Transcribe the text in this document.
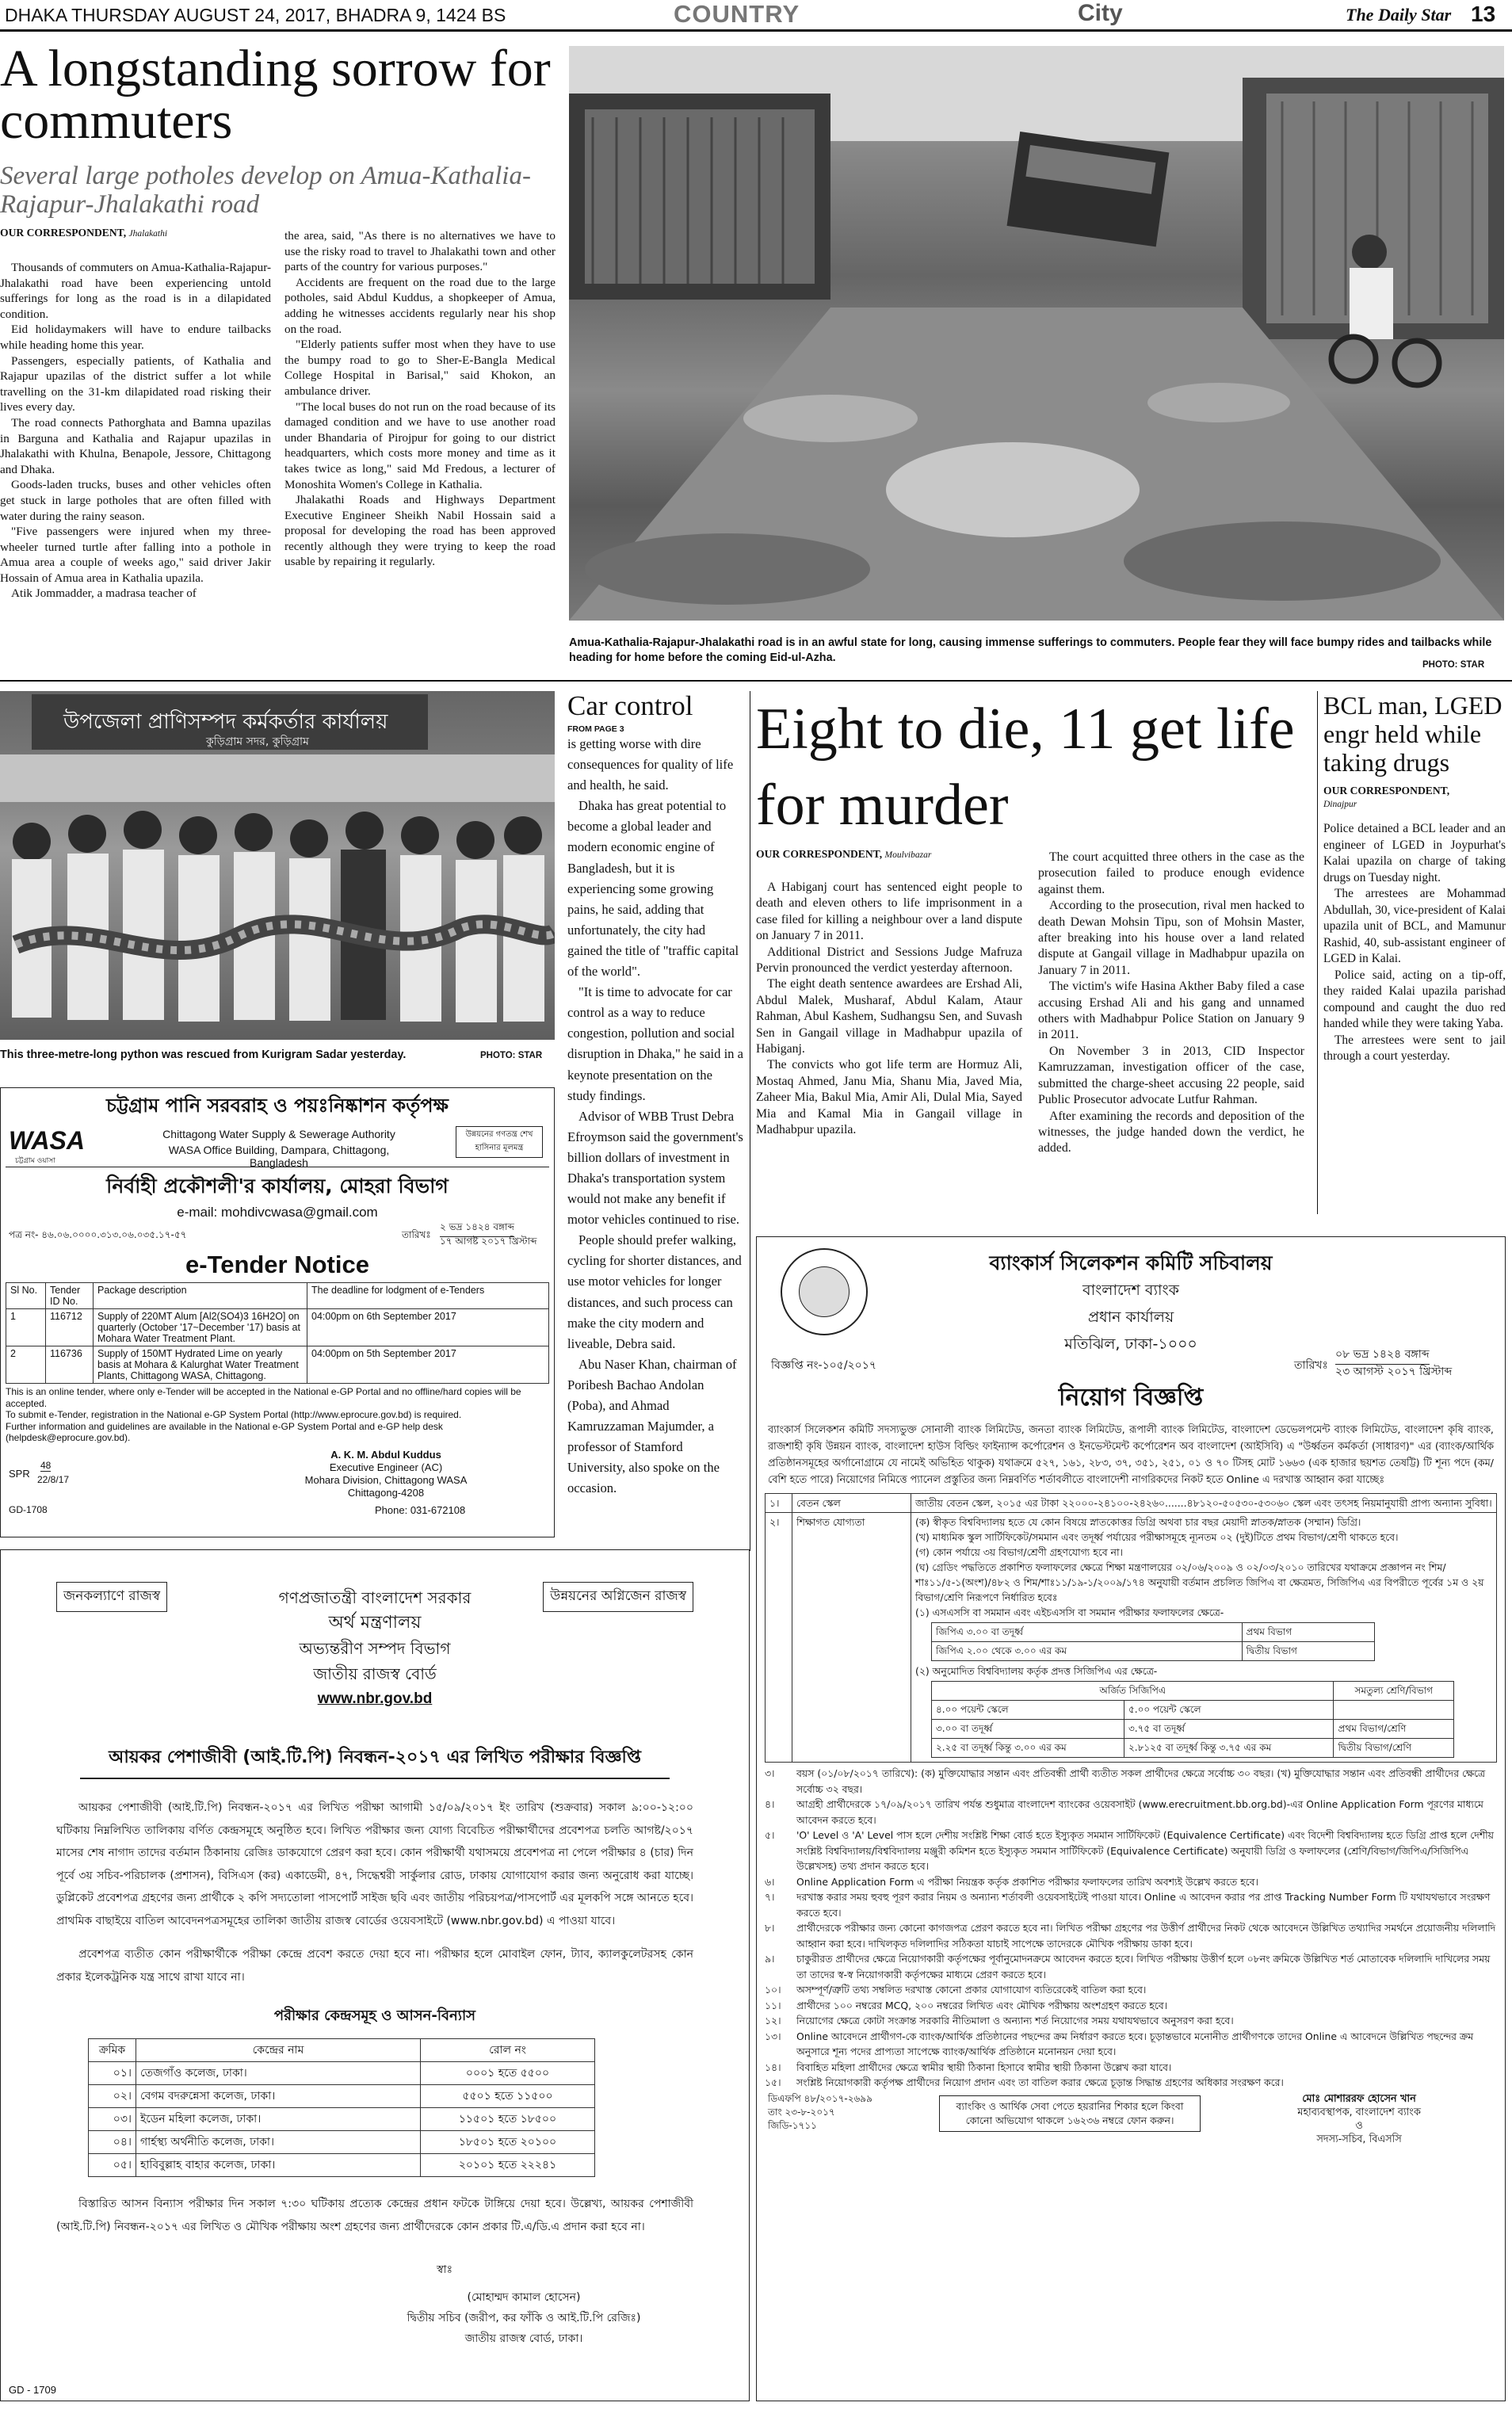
DHAKA THURSDAY AUGUST 24, 2017, BHADRA 9, 1424 BS	COUNTRY	City	The Daily Star 13
A longstanding sorrow for commuters
Several large potholes develop on Amua-Kathalia-Rajapur-Jhalakathi road
OUR CORRESPONDENT, Jhalakathi

Thousands of commuters on Amua-Kathalia-Rajapur-Jhalakathi road have been experiencing untold sufferings for long as the road is in a dilapidated condition.

Eid holidaymakers will have to endure tailbacks while heading home this year.

Passengers, especially patients, of Kathalia and Rajapur upazilas of the district suffer a lot while travelling on the 31-km dilapidated road risking their lives every day.

The road connects Pathorghata and Bamna upazilas in Barguna and Kathalia and Rajapur upazilas in Jhalakathi with Khulna, Benapole, Jessore, Chittagong and Dhaka.

Goods-laden trucks, buses and other vehicles often get stuck in large potholes that are often filled with water during the rainy season.

"Five passengers were injured when my three-wheeler turned turtle after falling into a pothole in Amua area a couple of weeks ago," said driver Jakir Hossain of Amua area in Kathalia upazila.

Atik Jommadder, a madrasa teacher of

the area, said, "As there is no alternatives we have to use the risky road to travel to Jhalakathi town and other parts of the country for various purposes."

Accidents are frequent on the road due to the large potholes, said Abdul Kuddus, a shopkeeper of Amua, adding he witnesses accidents regularly near his shop on the road.

"Elderly patients suffer most when they have to use the bumpy road to go to Sher-E-Bangla Medical College Hospital in Barisal," said Khokon, an ambulance driver.

"The local buses do not run on the road because of its damaged condition and we have to use another road under Bhandaria of Pirojpur for going to our district headquarters, which costs more money and time as it takes twice as long," said Md Fredous, a lecturer of Monoshita Women's College in Kathalia.

Jhalakathi Roads and Highways Department Executive Engineer Sheikh Nabil Hossain said a proposal for developing the road has been approved recently although they were trying to keep the road usable by repairing it regularly.

Amua-Kathalia-Rajapur-Jhalakathi road is in an awful state for long, causing immense sufferings to commuters. People fear they will face bumpy rides and tailbacks while heading for home before the coming Eid-ul-Azha.
PHOTO: STAR
উপজেলা প্রাণিসম্পদ কর্মকর্তার কার্যালয়
কুড়িগ্রাম সদর, কুড়িগ্রাম
This three-metre-long python was rescued from Kurigram Sadar yesterday.	PHOTO: STAR
চট্টগ্রাম পানি সরবরাহ ও পয়ঃনিষ্কাশন কর্তৃপক্ষ
WASA
চট্টগ্রাম ওয়াসা
Chittagong Water Supply & Sewerage Authority
WASA Office Building, Dampara, Chittagong, Bangladesh
উন্নয়নের গণতন্ত্র শেখ হাসিনার মূলমন্ত্র
নির্বাহী প্রকৌশলী'র কার্যালয়, মোহরা বিভাগ
e-mail: mohdivcwasa@gmail.com
পত্র নং- ৪৬.০৬.০০০০.৩১৩.০৬.০৩৫.১৭-৫৭	তারিখঃ
২ ভদ্র ১৪২৪ বঙ্গাব্দ
১৭ আগষ্ট ২০১৭ খ্রিস্টাব্দ
e-Tender Notice
Sl No.	Tender ID No.	Package description	The deadline for lodgment of e-Tenders
1	116712	Supply of 220MT Alum [Al2(SO4)3 16H2O] on quarterly (October '17~December '17) basis at Mohara Water Treatment Plant.	04:00pm on 6th September 2017
2	116736	Supply of 150MT Hydrated Lime on yearly basis at Mohara & Kalurghat Water Treatment Plants, Chittagong WASA, Chittagong.	04:00pm on 5th September 2017
This is an online tender, where only e-Tender will be accepted in the National e-GP Portal and no offline/hard copies will be accepted.
To submit e-Tender, registration in the National e-GP System Portal (http://www.eprocure.gov.bd) is required.
Further information and guidelines are available in the National e-GP System Portal and e-GP help desk (helpdesk@eprocure.gov.bd).
A. K. M. Abdul Kuddus
Executive Engineer (AC)
Mohara Division, Chittagong WASA
Chittagong-4208
Phone: 031-672108
SPR
48
22/8/17
GD-1708
Car control
FROM PAGE 3

is getting worse with dire consequences for quality of life and health, he said.

Dhaka has great potential to become a global leader and modern economic engine of Bangladesh, but it is experiencing some growing pains, he said, adding that unfortunately, the city had gained the title of "traffic capital of the world".

"It is time to advocate for car control as a way to reduce congestion, pollution and social disruption in Dhaka," he said in a keynote presentation on the study findings.

Advisor of WBB Trust Debra Efroymson said the government's billion dollars of investment in Dhaka's transportation system would not make any benefit if motor vehicles continued to rise.

People should prefer walking, cycling for shorter distances, and use motor vehicles for longer distances, and such process can make the city modern and liveable, Debra said.

Abu Naser Khan, chairman of Poribesh Bachao Andolan (Poba), and Ahmad Kamruzzaman Majumder, a professor of Stamford University, also spoke on the occasion.

Eight to die, 11 get life for murder
OUR CORRESPONDENT, Moulvibazar

A Habiganj court has sentenced eight people to death and eleven others to life imprisonment in a case filed for killing a neighbour over a land dispute on January 7 in 2011.

Additional District and Sessions Judge Mafruza Pervin pronounced the verdict yesterday afternoon.

The eight death sentence awardees are Ershad Ali, Abdul Malek, Musharaf, Abdul Kalam, Ataur Rahman, Abul Kashem, Sudhangsu Sen, and Suvash Sen in Gangail village in Madhabpur upazila of Habiganj.

The convicts who got life term are Hormuz Ali, Mostaq Ahmed, Janu Mia, Shanu Mia, Javed Mia, Zaheer Mia, Bakul Mia, Amir Ali, Dulal Mia, Sayed Mia and Kamal Mia in Gangail village in Madhabpur upazila.

The court acquitted three others in the case as the prosecution failed to produce enough evidence against them.

According to the prosecution, rival men hacked to death Dewan Mohsin Tipu, son of Mohsin Master, after breaking into his house over a land related dispute at Gangail village in Madhabpur upazila on January 7 in 2011.

The victim's wife Hasina Akther Baby filed a case accusing Ershad Ali and his gang and unnamed others with Madhabpur Police Station on January 9 in 2011.

On November 3 in 2013, CID Inspector Kamruzzaman, investigation officer of the case, submitted the charge-sheet accusing 22 people, said Public Prosecutor advocate Lutfur Rahman.

After examining the records and deposition of the witnesses, the judge handed down the verdict, he added.

BCL man, LGED engr held while taking drugs
OUR CORRESPONDENT,
Dinajpur

Police detained a BCL leader and an engineer of LGED in Joypurhat's Kalai upazila on charge of taking drugs on Tuesday night.

The arrestees are Mohammad Abdullah, 30, vice-president of Kalai upazila unit of BCL, and Mamunur Rashid, 40, sub-assistant engineer of LGED in Kalai.

Police said, acting on a tip-off, they raided Kalai upazila parishad compound and caught the duo red handed while they were taking Yaba.

The arrestees were sent to jail through a court yesterday.

জনকল্যাণে রাজস্ব	উন্নয়নের অগ্নিজেন রাজস্ব
গণপ্রজাতন্ত্রী বাংলাদেশ সরকার
অর্থ মন্ত্রণালয়
অভ্যন্তরীণ সম্পদ বিভাগ
জাতীয় রাজস্ব বোর্ড
www.nbr.gov.bd
আয়কর পেশাজীবী (আই.টি.পি) নিবন্ধন-২০১৭ এর লিখিত পরীক্ষার বিজ্ঞপ্তি
আয়কর পেশাজীবী (আই.টি.পি) নিবন্ধন-২০১৭ এর লিখিত পরীক্ষা আগামী ১৫/০৯/২০১৭ ইং তারিখ (শুক্রবার) সকাল ৯:০০-১২:০০ ঘটিকায় নিম্নলিখিত তালিকায় বর্ণিত কেন্দ্রসমূহে অনুষ্ঠিত হবে। লিখিত পরীক্ষার জন্য যোগ্য বিবেচিত পরীক্ষার্থীদের প্রবেশপত্র চলতি আগষ্ট/২০১৭ মাসের শেষ নাগাদ তাদের বর্তমান ঠিকানায় রেজিঃ ডাকযোগে প্রেরণ করা হবে। কোন পরীক্ষার্থী যথাসময়ে প্রবেশপত্র না পেলে পরীক্ষার ৪ (চার) দিন পূর্বে ৩য় সচিব-পরিচালক (প্রশাসন), বিসিএস (কর) একাডেমী, ৪৭, সিদ্ধেশ্বরী সার্কুলার রোড, ঢাকায় যোগাযোগ করার জন্য অনুরোধ করা যাচ্ছে। ডুপ্লিকেট প্রবেশপত্র গ্রহণের জন্য প্রার্থীকে ২ কপি সদ্যতোলা পাসপোর্ট সাইজ ছবি এবং জাতীয় পরিচয়পত্র/পাসপোর্ট এর মূলকপি সঙ্গে আনতে হবে। প্রাথমিক বাছাইয়ে বাতিল আবেদনপত্রসমূহের তালিকা জাতীয় রাজস্ব বোর্ডের ওয়েবসাইটে (www.nbr.gov.bd) এ পাওয়া যাবে।
প্রবেশপত্র ব্যতীত কোন পরীক্ষার্থীকে পরীক্ষা কেন্দ্রে প্রবেশ করতে দেয়া হবে না। পরীক্ষার হলে মোবাইল ফোন, ট্যাব, ক্যালকুলেটরসহ কোন প্রকার ইলেকট্রনিক যন্ত্র সাথে রাখা যাবে না।
পরীক্ষার কেন্দ্রসমূহ ও আসন-বিন্যাস
ক্রমিক	কেন্দ্রের নাম	রোল নং
০১।	তেজগাঁও কলেজ, ঢাকা।	০০০১ হতে ৫৫০০
০২।	বেগম বদরুন্নেসা কলেজ, ঢাকা।	৫৫০১ হতে ১১৫০০
০৩।	ইডেন মহিলা কলেজ, ঢাকা।	১১৫০১ হতে ১৮৫০০
০৪।	গার্হস্থ্য অর্থনীতি কলেজ, ঢাকা।	১৮৫০১ হতে ২০১০০
০৫।	হাবিবুল্লাহ বাহার কলেজ, ঢাকা।	২০১০১ হতে ২২২৪১
বিস্তারিত আসন বিন্যাস পরীক্ষার দিন সকাল ৭:৩০ ঘটিকায় প্রত্যেক কেন্দ্রের প্রধান ফটকে টাঙ্গিয়ে দেয়া হবে। উল্লেখ্য, আয়কর পেশাজীবী (আই.টি.পি) নিবন্ধন-২০১৭ এর লিখিত ও মৌখিক পরীক্ষায় অংশ গ্রহণের জন্য প্রার্থীদেরকে কোন প্রকার টি.এ/ডি.এ প্রদান করা হবে না।
স্বাঃ
(মোহাম্মদ কামাল হোসেন)
দ্বিতীয় সচিব (জরীপ, কর ফাঁকি ও আই.টি.পি রেজিঃ)
জাতীয় রাজস্ব বোর্ড, ঢাকা।
GD - 1709
ব্যাংকার্স সিলেকশন কমিটি সচিবালয়
বাংলাদেশ ব্যাংক
প্রধান কার্যালয়
মতিঝিল, ঢাকা-১০০০
বিজ্ঞপ্তি নং-১০৫/২০১৭	তারিখঃ
০৮ ভদ্র ১৪২৪ বঙ্গাব্দ
২৩ আগস্ট ২০১৭ খ্রিস্টাব্দ
নিয়োগ বিজ্ঞপ্তি
ব্যাংকার্স সিলেকশন কমিটি সদস্যভুক্ত সোনালী ব্যাংক লিমিটেড, জনতা ব্যাংক লিমিটেড, রূপালী ব্যাংক লিমিটেড, বাংলাদেশ ডেভেলপমেন্ট ব্যাংক লিমিটেড, বাংলাদেশ কৃষি ব্যাংক, রাজশাহী কৃষি উন্নয়ন ব্যাংক, বাংলাদেশ হাউস বিল্ডিং ফাইন্যান্স কর্পোরেশন ও ইনভেস্টমেন্ট কর্পোরেশন অব বাংলাদেশ (আইসিবি) এ "উর্ধ্বতন কর্মকর্তা (সাধারণ)" এর (ব্যাংক/আর্থিক প্রতিষ্ঠানসমূহের অর্গানোগ্রামে যে নামেই অভিহিত থাকুক) যথাক্রমে ৫২৭, ১৬১, ২৮৩, ৩৭, ৩৫১, ২৫১, ০১ ও ৭০ টিসহ মোট ১৬৬৩ (এক হাজার ছয়শত তেষট্টি) টি শূন্য পদে (কম/বেশি হতে পারে) নিয়োগের নিমিত্তে প্যানেল প্রস্তুতির জন্য নিম্নবর্ণিত শর্তাবলীতে বাংলাদেশী নাগরিকদের নিকট হতে Online এ দরখাস্ত আহ্বান করা যাচ্ছেঃ
১।	বেতন স্কেল	জাতীয় বেতন স্কেল, ২০১৫ এর টাকা ২২০০০-২৪১০০-২৪২৬০.......৪৮১২০-৫০৫৩০-৫৩০৬০ স্কেল এবং তৎসহ নিয়মানুযায়ী প্রাপ্য অন্যান্য সুবিধা।
২।	শিক্ষাগত যোগ্যতা	(ক) স্বীকৃত বিশ্ববিদ্যালয় হতে যে কোন বিষয়ে স্নাতকোত্তর ডিগ্রি অথবা চার বছর মেয়াদী স্নাতক/স্নাতক (সম্মান) ডিগ্রি।
(খ) মাধ্যমিক স্কুল সার্টিফিকেট/সমমান এবং তদূর্ধ্ব পর্যায়ের পরীক্ষাসমূহে ন্যূনতম ০২ (দুই)টিতে প্রথম বিভাগ/শ্রেণী থাকতে হবে।
(গ) কোন পর্যায়ে ৩য় বিভাগ/শ্রেণী গ্রহণযোগ্য হবে না।
(ঘ) গ্রেডিং পদ্ধতিতে প্রকাশিত ফলাফলের ক্ষেত্রে শিক্ষা মন্ত্রণালয়ের ০২/০৬/২০০৯ ও ০২/০৩/২০১০ তারিখের যথাক্রমে প্রজ্ঞাপন নং শিম/শাঃ১১/৫-১(অংশ)/৪৮২ ও শিম/শাঃ১১/১৯-১/২০০৯/১৭৪ অনুযায়ী বর্তমান প্রচলিত জিপিএ বা ক্ষেত্রমত, সিজিপিএ এর বিপরীতে পূর্বের ১ম ও ২য় বিভাগ/শ্রেণি নিরূপণে নির্ধারিত হবেঃ
(১) এসএসসি বা সমমান এবং এইচএসসি বা সমমান পরীক্ষার ফলাফলের ক্ষেত্রে-
জিপিএ ৩.০০ বা তদূর্ধ্ব	প্রথম বিভাগ
জিপিএ ২.০০ থেকে ৩.০০ এর কম	দ্বিতীয় বিভাগ
(২) অনুমোদিত বিশ্ববিদ্যালয় কর্তৃক প্রদত্ত সিজিপিএ এর ক্ষেত্রে-
অর্জিত সিজিপিএ	সমতুল্য শ্রেণি/বিভাগ
৪.০০ পয়েন্ট স্কেলে	৫.০০ পয়েন্ট স্কেলে	
৩.০০ বা তদূর্ধ্ব	৩.৭৫ বা তদূর্ধ্ব	প্রথম বিভাগ/শ্রেণি
২.২৫ বা তদূর্ধ্ব কিন্তু ৩.০০ এর কম	২.৮১২৫ বা তদূর্ধ্ব কিন্তু ৩.৭৫ এর কম	দ্বিতীয় বিভাগ/শ্রেণি
৩।	বয়স (০১/০৮/২০১৭ তারিখে): (ক) মুক্তিযোদ্ধার সন্তান এবং প্রতিবন্ধী প্রার্থী ব্যতীত সকল প্রার্থীদের ক্ষেত্রে সর্বোচ্চ ৩০ বছর। (খ) মুক্তিযোদ্ধার সন্তান এবং প্রতিবন্ধী প্রার্থীদের ক্ষেত্রে সর্বোচ্চ ৩২ বছর।
৪।	আগ্রহী প্রার্থীদেরকে ১৭/০৯/২০১৭ তারিখ পর্যন্ত শুধুমাত্র বাংলাদেশ ব্যাংকের ওয়েবসাইট (www.erecruitment.bb.org.bd)-এর Online Application Form পূরণের মাধ্যমে আবেদন করতে হবে।
৫।	'O' Level ও 'A' Level পাস হলে দেশীয় সংশ্লিষ্ট শিক্ষা বোর্ড হতে ইস্যুকৃত সমমান সার্টিফিকেট (Equivalence Certificate) এবং বিদেশী বিশ্ববিদ্যালয় হতে ডিগ্রি প্রাপ্ত হলে দেশীয় সংশ্লিষ্ট বিশ্ববিদ্যালয়/বিশ্ববিদ্যালয় মঞ্জুরী কমিশন হতে ইস্যুকৃত সমমান সার্টিফিকেট (Equivalence Certificate) অনুযায়ী ডিগ্রি ও ফলাফলের (শ্রেণি/বিভাগ/জিপিএ/সিজিপিএ উল্লেখসহ) তথ্য প্রদান করতে হবে।
৬।	Online Application Form এ পরীক্ষা নিয়ন্ত্রক কর্তৃক প্রকাশিত পরীক্ষার ফলাফলের তারিখ অবশ্যই উল্লেখ করতে হবে।
৭।	দরখাস্ত করার সময় হুবহু পূরণ করার নিয়ম ও অন্যান্য শর্তাবলী ওয়েবসাইটেই পাওয়া যাবে। Online এ আবেদন করার পর প্রাপ্ত Tracking Number Form টি যথাযথভাবে সংরক্ষণ করতে হবে।
৮।	প্রার্থীদেরকে পরীক্ষার জন্য কোনো কাগজপত্র প্রেরণ করতে হবে না। লিখিত পরীক্ষা গ্রহণের পর উত্তীর্ণ প্রার্থীদের নিকট থেকে আবেদনে উল্লিখিত তথ্যাদির সমর্থনে প্রয়োজনীয় দলিলাদি আহ্বান করা হবে। দাখিলকৃত দলিলাদির সঠিকতা যাচাই সাপেক্ষে তাদেরকে মৌখিক পরীক্ষায় ডাকা হবে।
৯।	চাকুরীরত প্রার্থীদের ক্ষেত্রে নিয়োগকারী কর্তৃপক্ষের পূর্বানুমোদনক্রমে আবেদন করতে হবে। লিখিত পরীক্ষায় উত্তীর্ণ হলে ০৮নং ক্রমিকে উল্লিখিত শর্ত মোতাবেক দলিলাদি দাখিলের সময় তা তাদের স্ব-স্ব নিয়োগকারী কর্তৃপক্ষের মাধ্যমে প্রেরণ করতে হবে।
১০।	অসম্পূর্ণ/ত্রুটি তথ্য সম্বলিত দরখাস্ত কোনো প্রকার যোগাযোগ ব্যতিরেকেই বাতিল করা হবে।
১১।	প্রার্থীদের ১০০ নম্বরের MCQ, ২০০ নম্বরের লিখিত এবং মৌখিক পরীক্ষায় অংশগ্রহণ করতে হবে।
১২।	নিয়োগের ক্ষেত্রে কোটা সংক্রান্ত সরকারি নীতিমালা ও অন্যান্য শর্ত নিয়োগের সময় যথাযথভাবে অনুসরণ করা হবে।
১৩।	Online আবেদনে প্রার্থীগণ-কে ব্যাংক/আর্থিক প্রতিষ্ঠানের পছন্দের ক্রম নির্ধারণ করতে হবে। চূড়ান্তভাবে মনোনীত প্রার্থীগণকে তাদের Online এ আবেদনে উল্লিখিত পছন্দের ক্রম অনুসারে শূন্য পদের প্রাপ্যতা সাপেক্ষে ব্যাংক/আর্থিক প্রতিষ্ঠানে মনোনয়ন দেয়া হবে।
১৪।	বিবাহিত মহিলা প্রার্থীদের ক্ষেত্রে স্বামীর স্থায়ী ঠিকানা হিসাবে স্বামীর স্থায়ী ঠিকানা উল্লেখ করা যাবে।
১৫।	সংশ্লিষ্ট নিয়োগকারী কর্তৃপক্ষ প্রার্থীদের নিয়োগ প্রদান এবং তা বাতিল করার ক্ষেত্রে চূড়ান্ত সিদ্ধান্ত গ্রহণের অধিকার সংরক্ষণ করে।
মোঃ মোশাররফ হোসেন খান
মহাব্যবস্থাপক, বাংলাদেশ ব্যাংক
ও
সদস্য-সচিব, বিএসসি
ডিএফপি ৪৮/২০১৭-২৬৯৯
তাং ২৩-৮-২০১৭
জিডি-১৭১১
ব্যাংকিং ও আর্থিক সেবা পেতে হয়রানির শিকার হলে কিংবা কোনো অভিযোগ থাকলে ১৬২৩৬ নম্বরে ফোন করুন।
